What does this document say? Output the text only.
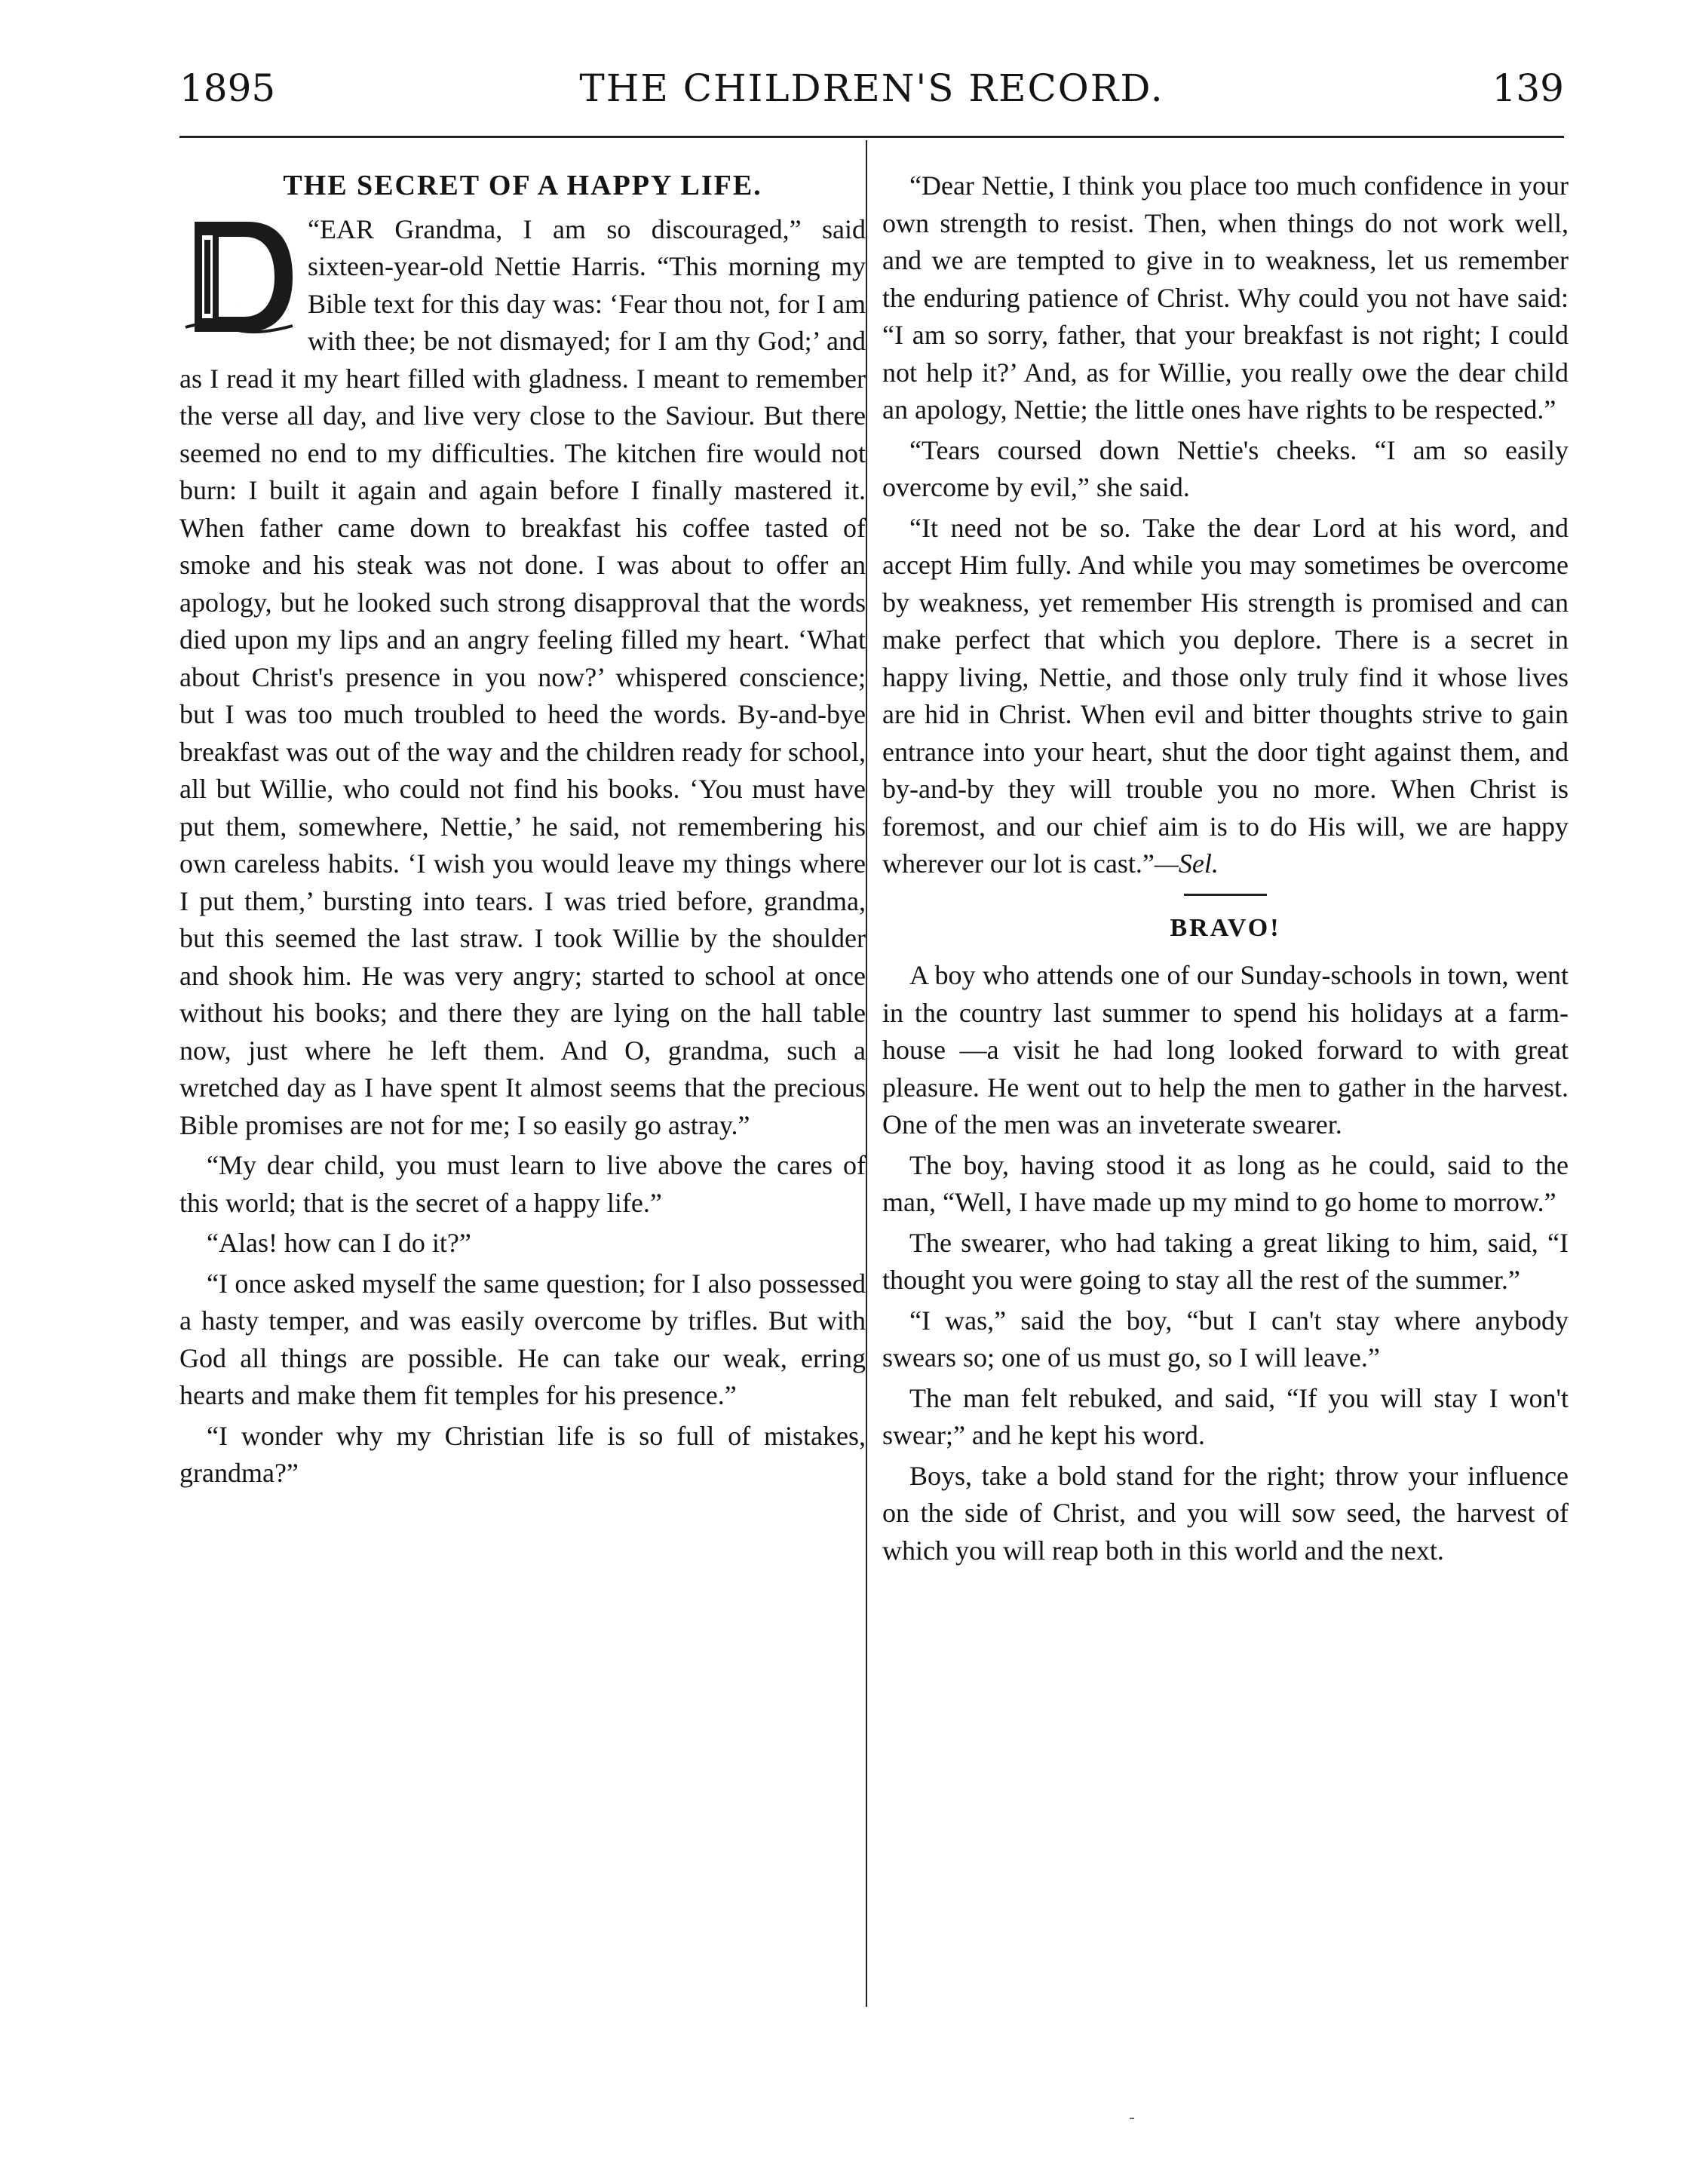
1895	THE CHILDREN'S RECORD.	139
THE SECRET OF A HAPPY LIFE.

D
“EAR Grandma, I am so discouraged,” said sixteen-year-old Nettie Harris. “This morning my Bible text for this day was: ‘Fear thou not, for I am with thee; be not dismayed; for I am thy God;’ and as I read it my heart filled with gladness. I meant to remember the verse all day, and live very close to the Saviour. But there seemed no end to my difficulties. The kitchen fire would not burn: I built it again and again before I finally mastered it. When father came down to breakfast his coffee tasted of smoke and his steak was not done. I was about to offer an apology, but he looked such strong disapproval that the words died upon my lips and an angry feeling filled my heart. ‘What about Christ's presence in you now?’ whispered conscience; but I was too much troubled to heed the words. By-and-bye breakfast was out of the way and the children ready for school, all but Willie, who could not find his books. ‘You must have put them, somewhere, Nettie,’ he said, not remembering his own careless habits. ‘I wish you would leave my things where I put them,’ bursting into tears. I was tried before, grandma, but this seemed the last straw. I took Willie by the shoulder and shook him. He was very angry; started to school at once without his books; and there they are lying on the hall table now, just where he left them. And O, grandma, such a wretched day as I have spent It almost seems that the precious Bible promises are not for me; I so easily go astray.”

“My dear child, you must learn to live above the cares of this world; that is the secret of a happy life.”

“Alas! how can I do it?”

“I once asked myself the same question; for I also possessed a hasty temper, and was easily overcome by trifles. But with God all things are possible. He can take our weak, erring hearts and make them fit temples for his presence.”

“I wonder why my Christian life is so full of mistakes, grandma?”

“Dear Nettie, I think you place too much confidence in your own strength to resist. Then, when things do not work well, and we are tempted to give in to weakness, let us remember the enduring patience of Christ. Why could you not have said: “I am so sorry, father, that your breakfast is not right; I could not help it?’ And, as for Willie, you really owe the dear child an apology, Nettie; the little ones have rights to be respected.”

“Tears coursed down Nettie's cheeks. “I am so easily overcome by evil,” she said.

“It need not be so. Take the dear Lord at his word, and accept Him fully. And while you may sometimes be overcome by weakness, yet remember His strength is promised and can make perfect that which you deplore. There is a secret in happy living, Nettie, and those only truly find it whose lives are hid in Christ. When evil and bitter thoughts strive to gain entrance into your heart, shut the door tight against them, and by-and-by they will trouble you no more. When Christ is foremost, and our chief aim is to do His will, we are happy wherever our lot is cast.”—Sel.

BRAVO!

A boy who attends one of our Sunday-schools in town, went in the country last summer to spend his holidays at a farm-house —a visit he had long looked forward to with great pleasure. He went out to help the men to gather in the harvest. One of the men was an inveterate swearer.

The boy, having stood it as long as he could, said to the man, “Well, I have made up my mind to go home to morrow.”

The swearer, who had taking a great liking to him, said, “I thought you were going to stay all the rest of the summer.”

“I was,” said the boy, “but I can't stay where anybody swears so; one of us must go, so I will leave.”

The man felt rebuked, and said, “If you will stay I won't swear;” and he kept his word.

Boys, take a bold stand for the right; throw your influence on the side of Christ, and you will sow seed, the harvest of which you will reap both in this world and the next.
